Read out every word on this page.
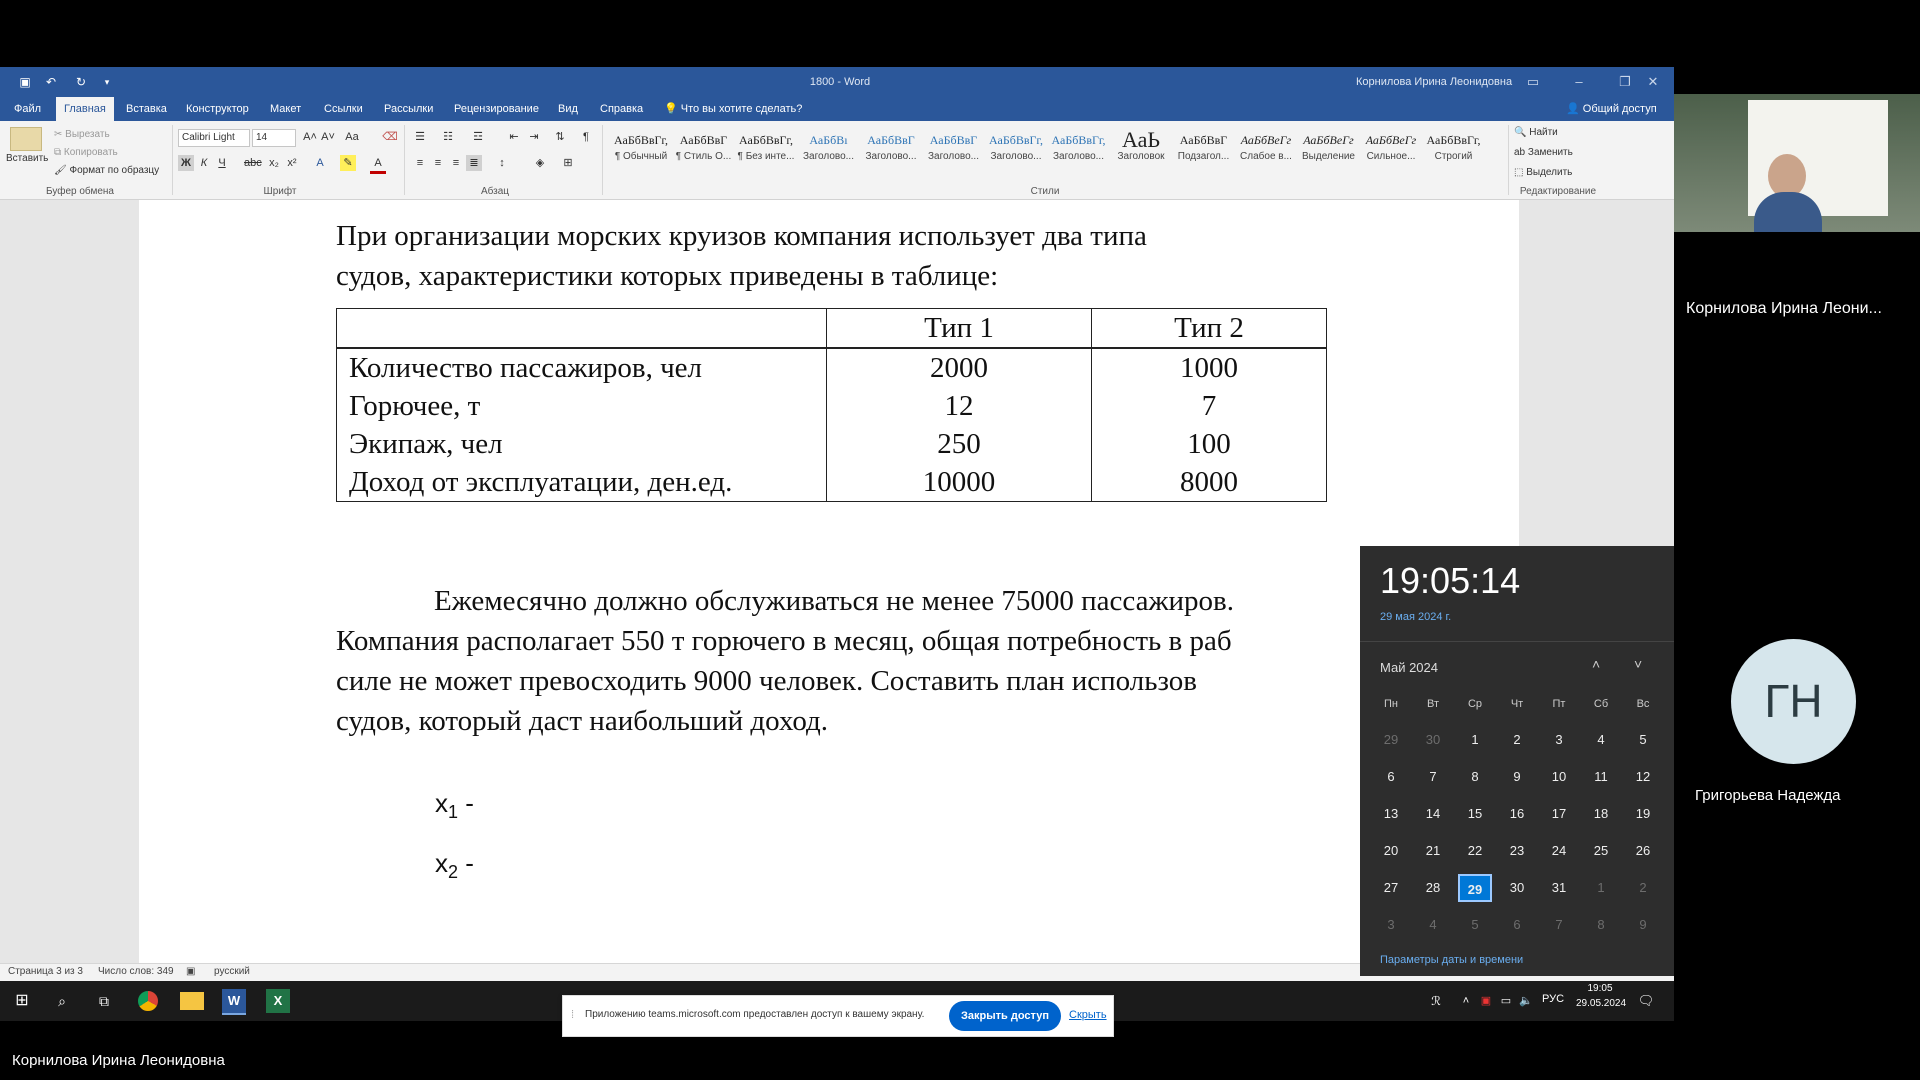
▣ ↶ ↻	▾	1800 - Word	Корнилова Ирина Леонидовна	▭	–	❐	✕
Файл	Главная	Вставка	Конструктор	Макет	Ссылки	Рассылки	Рецензирование	Вид	Справка	💡 Что вы хотите сделать?	👤 Общий доступ
Вставить
✂ Вырезать
⧉ Копировать
🖌 Формат по образцу
Буфер обмена
Calibri Light	14	A˄ A˅ Aa ⌫
Ж К	Ч	abc x₂ x²	A	✎	A
Шрифт
☰ ☷ ☲	⇤ ⇥	⇅	¶
≡	≡	≡ ≣	↕	◈	⊞
Абзац
АаБбВвГг,
¶ Обычный
АаБбВвГ
¶ Стиль О...
АаБбВвГг,
¶ Без инте...
АаБбВı
Заголово...
АаБбВвГ
Заголово...
АаБбВвГ
Заголово...
АаБбВвГг,
Заголово...
АаБбВвГг,
Заголово...
АаЬ
Заголовок
АаБбВвГ
Подзагол...
АаБбВеГг
Слабое в...
АаБбВеГг
Выделение
АаБбВеГг
Сильное...
АаБбВвГг,
Строгий
Стили
🔍 Найти
ab Заменить
⬚ Выделить
Редактирование
При организации морских круизов компания использует два типа
судов, характеристики которых приведены в таблице:
	Тип 1	Тип 2
Количество пассажиров, чел	2000	1000
Горючее, т	12	7
Экипаж, чел	250	100
Доход от эксплуатации, ден.ед.	10000	8000
Ежемесячно должно обслуживаться не менее 75000 пассажиров.
Компания располагает 550 т горючего в месяц, общая потребность в раб
силе не может превосходить 9000 человек. Составить план использов
судов, который даст наибольший доход.
$x_1$ -
$x_2$ -
Страница 3 из 3 Число слов: 349 ▣ русский
⊞	⌕	⧉	W	X	ℛ	˄	▣ ▭ 🔈 РУС
19:05
29.05.2024 🗨
⁞ Приложению teams.microsoft.com предоставлен доступ к вашему экрану.	Закрыть доступ	Скрыть
19:05:14
29 мая 2024 г.
Май 2024	˄ ˅
Пн	Вт	Ср	Чт	Пт	Сб	Вс
29	30	1	2	3	4	5
6	7	8	9	10	11	12
13	14	15	16	17	18	19
20	21	22	23	24	25	26
27	28	29	30	31	1	2
3	4	5	6	7	8	9
Параметры даты и времени
Корнилова Ирина Леони...
ГН
Григорьева Надежда
Корнилова Ирина Леонидовна
